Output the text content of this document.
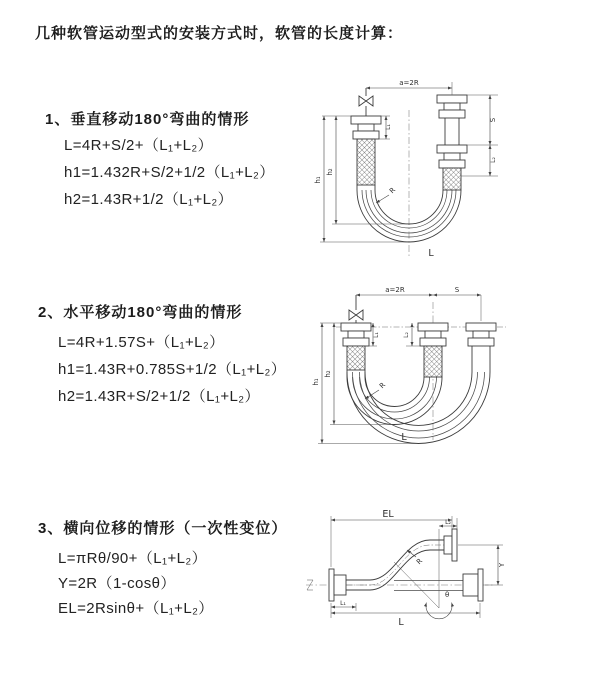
几种软管运动型式的安装方式时，软管的长度计算：
1、垂直移动180°弯曲的情形
L=4R+S/2+（L₁+L₂）
h1=1.432R+S/2+1/2（L₁+L₂）
h2=1.43R+1/2（L₁+L₂）
a=2R
h₁
h₂
L₁
S
L₂
R
L
2、水平移动180°弯曲的情形
L=4R+1.57S+（L₁+L₂）
h1=1.43R+0.785S+1/2（L₁+L₂）
h2=1.43R+S/2+1/2（L₁+L₂）
a=2R	S
h₁
h₂
L₁	L₂
R
L
3、横向位移的情形（一次性变位）
L=πRθ/90+（L₁+L₂）
Y=2R（1-cosθ）
EL=2Rsinθ+（L₁+L₂）
θ
EL
L₂
Y
L
L₁
R
